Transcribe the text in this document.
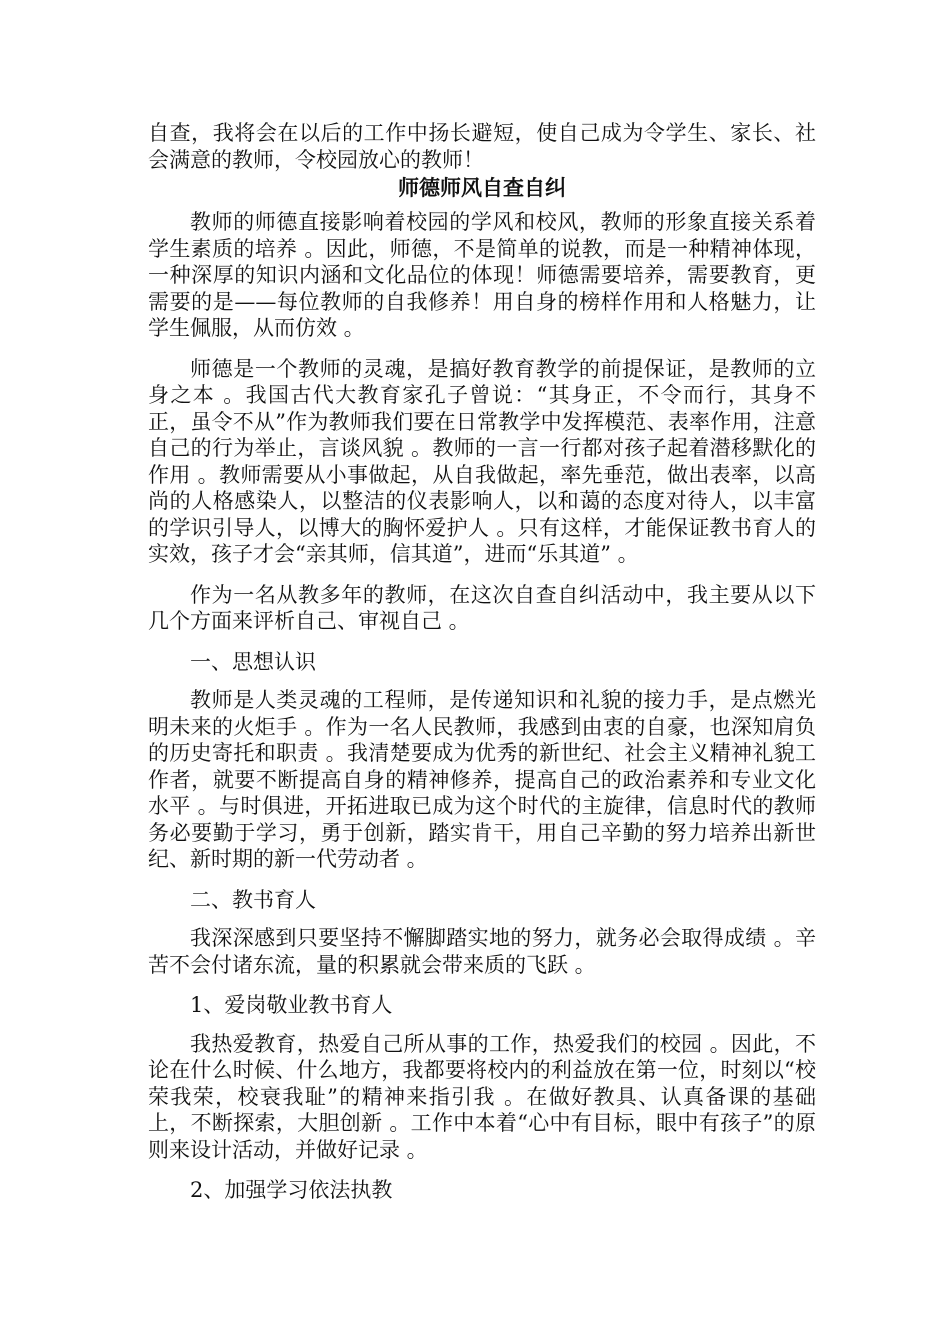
自查，我将会在以后的工作中扬长避短，使自己成为令学生、家长、社会满意的教师，令校园放心的教师！

师德师风自查自纠

教师的师德直接影响着校园的学风和校风，教师的形象直接关系着学生素质的培养 。因此，师德，不是简单的说教，而是一种精神体现，一种深厚的知识内涵和文化品位的体现！师德需要培养，需要教育，更需要的是——每位教师的自我修养！用自身的榜样作用和人格魅力，让学生佩服，从而仿效 。

师德是一个教师的灵魂，是搞好教育教学的前提保证，是教师的立身之本 。我国古代大教育家孔子曾说：“其身正，不令而行，其身不正，虽令不从”作为教师我们要在日常教学中发挥模范、表率作用，注意自己的行为举止，言谈风貌 。教师的一言一行都对孩子起着潜移默化的作用 。教师需要从小事做起，从自我做起，率先垂范，做出表率，以高尚的人格感染人，以整洁的仪表影响人，以和蔼的态度对待人，以丰富的学识引导人，以博大的胸怀爱护人 。只有这样，才能保证教书育人的实效，孩子才会“亲其师，信其道”，进而“乐其道” 。

作为一名从教多年的教师，在这次自查自纠活动中，我主要从以下几个方面来评析自己、审视自己 。

一、思想认识

教师是人类灵魂的工程师，是传递知识和礼貌的接力手，是点燃光明未来的火炬手 。作为一名人民教师，我感到由衷的自豪，也深知肩负的历史寄托和职责 。我清楚要成为优秀的新世纪、社会主义精神礼貌工作者，就要不断提高自身的精神修养，提高自己的政治素养和专业文化水平 。与时俱进，开拓进取已成为这个时代的主旋律，信息时代的教师务必要勤于学习，勇于创新，踏实肯干，用自己辛勤的努力培养出新世纪、新时期的新一代劳动者 。

二、教书育人

我深深感到只要坚持不懈脚踏实地的努力，就务必会取得成绩 。辛苦不会付诸东流，量的积累就会带来质的飞跃 。

1、爱岗敬业教书育人

我热爱教育，热爱自己所从事的工作，热爱我们的校园 。因此，不论在什么时候、什么地方，我都要将校内的利益放在第一位，时刻以“校荣我荣，校衰我耻”的精神来指引我 。在做好教具、认真备课的基础上，不断探索，大胆创新 。工作中本着“心中有目标，眼中有孩子”的原则来设计活动，并做好记录 。

2、加强学习依法执教
